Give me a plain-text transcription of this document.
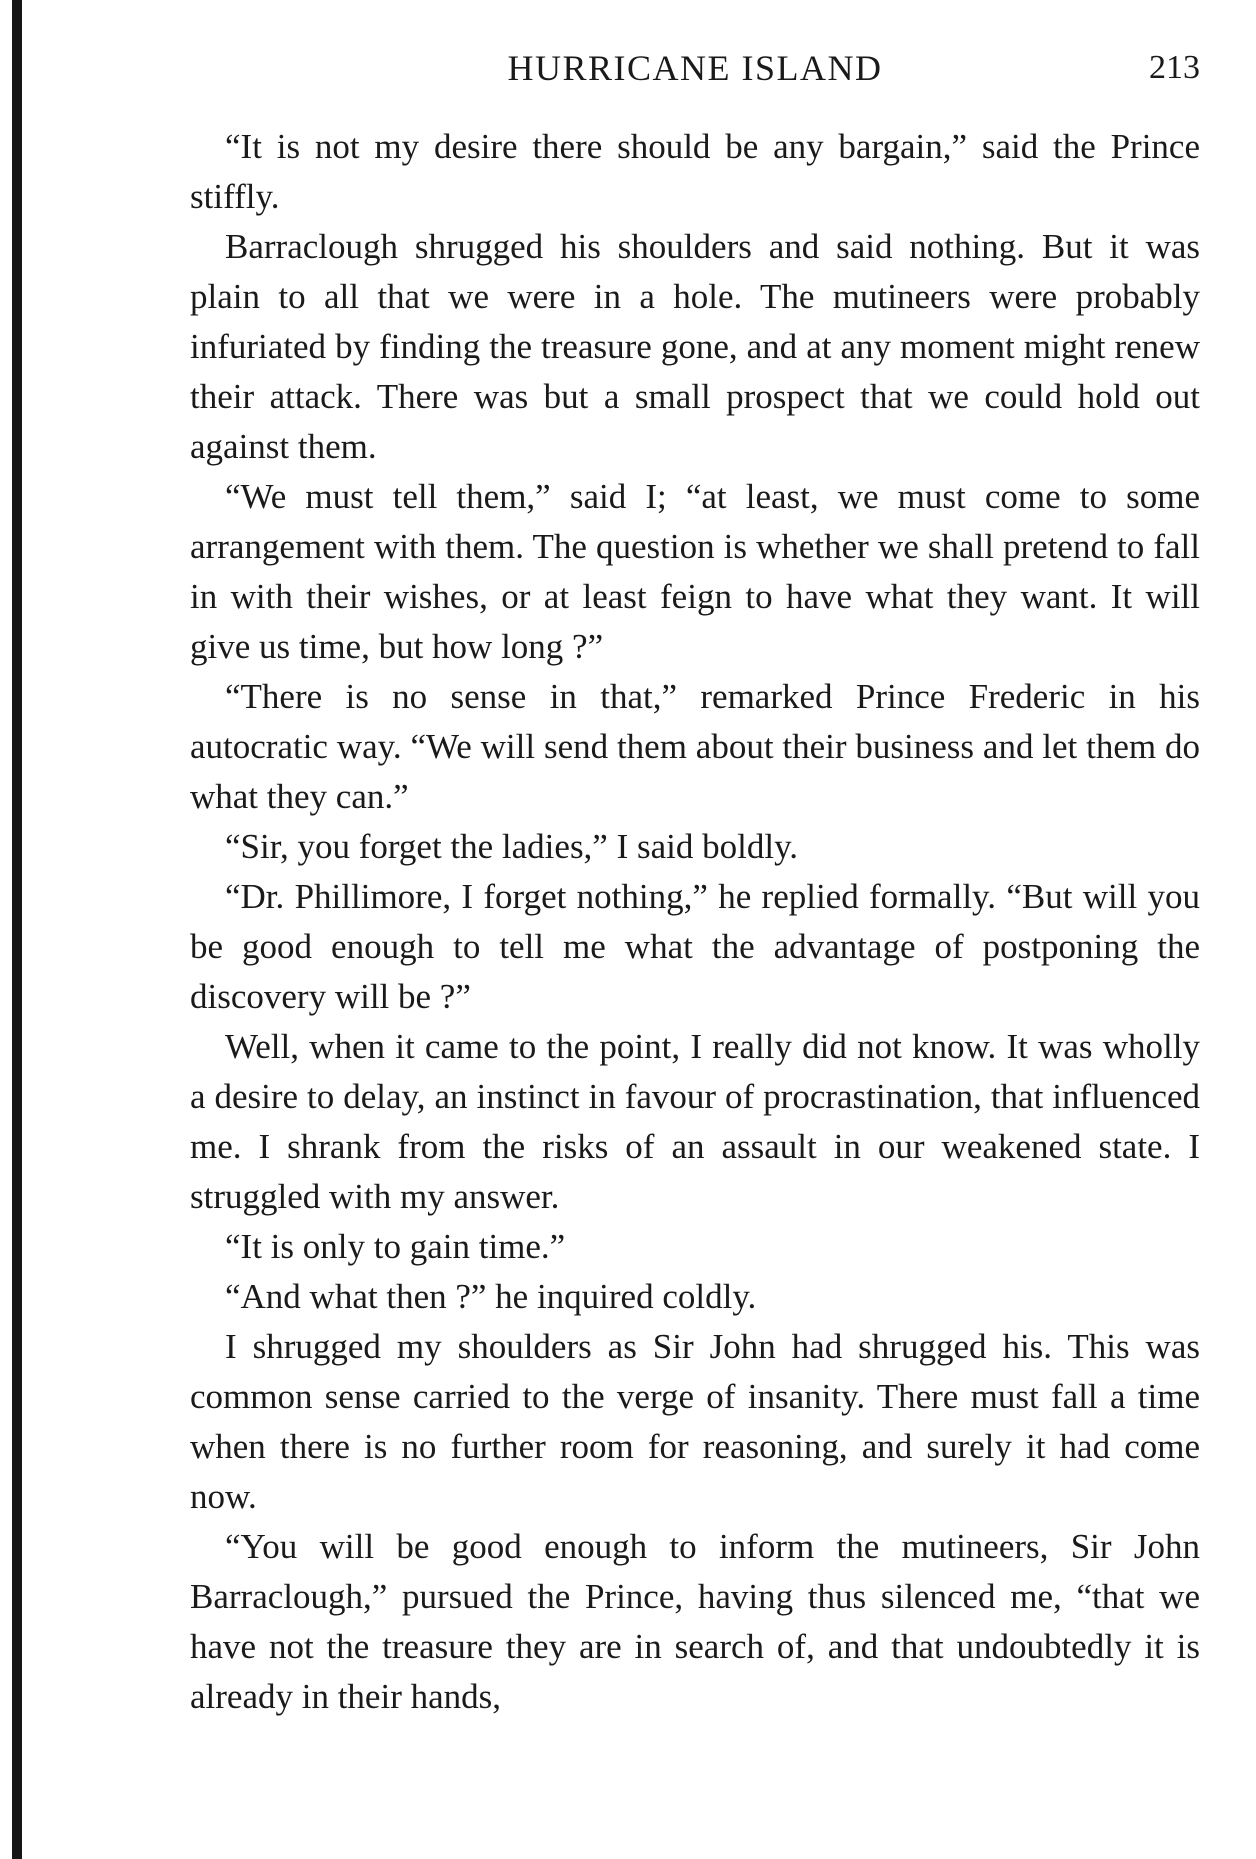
HURRICANE ISLAND	213

“It is not my desire there should be any bargain,” said the Prince stiffly.

Barraclough shrugged his shoulders and said nothing. But it was plain to all that we were in a hole. The mutineers were probably infuriated by finding the treasure gone, and at any moment might renew their attack. There was but a small prospect that we could hold out against them.

“We must tell them,” said I; “at least, we must come to some arrangement with them. The question is whether we shall pretend to fall in with their wishes, or at least feign to have what they want. It will give us time, but how long ?”

“There is no sense in that,” remarked Prince Frederic in his autocratic way. “We will send them about their business and let them do what they can.”

“Sir, you forget the ladies,” I said boldly.

“Dr. Phillimore, I forget nothing,” he replied formally. “But will you be good enough to tell me what the advantage of postponing the discovery will be ?”

Well, when it came to the point, I really did not know. It was wholly a desire to delay, an instinct in favour of procrastination, that influenced me. I shrank from the risks of an assault in our weakened state. I struggled with my answer.

“It is only to gain time.”

“And what then ?” he inquired coldly.

I shrugged my shoulders as Sir John had shrugged his. This was common sense carried to the verge of insanity. There must fall a time when there is no further room for reasoning, and surely it had come now.

“You will be good enough to inform the mutineers, Sir John Barraclough,” pursued the Prince, having thus silenced me, “that we have not the treasure they are in search of, and that undoubtedly it is already in their hands,
